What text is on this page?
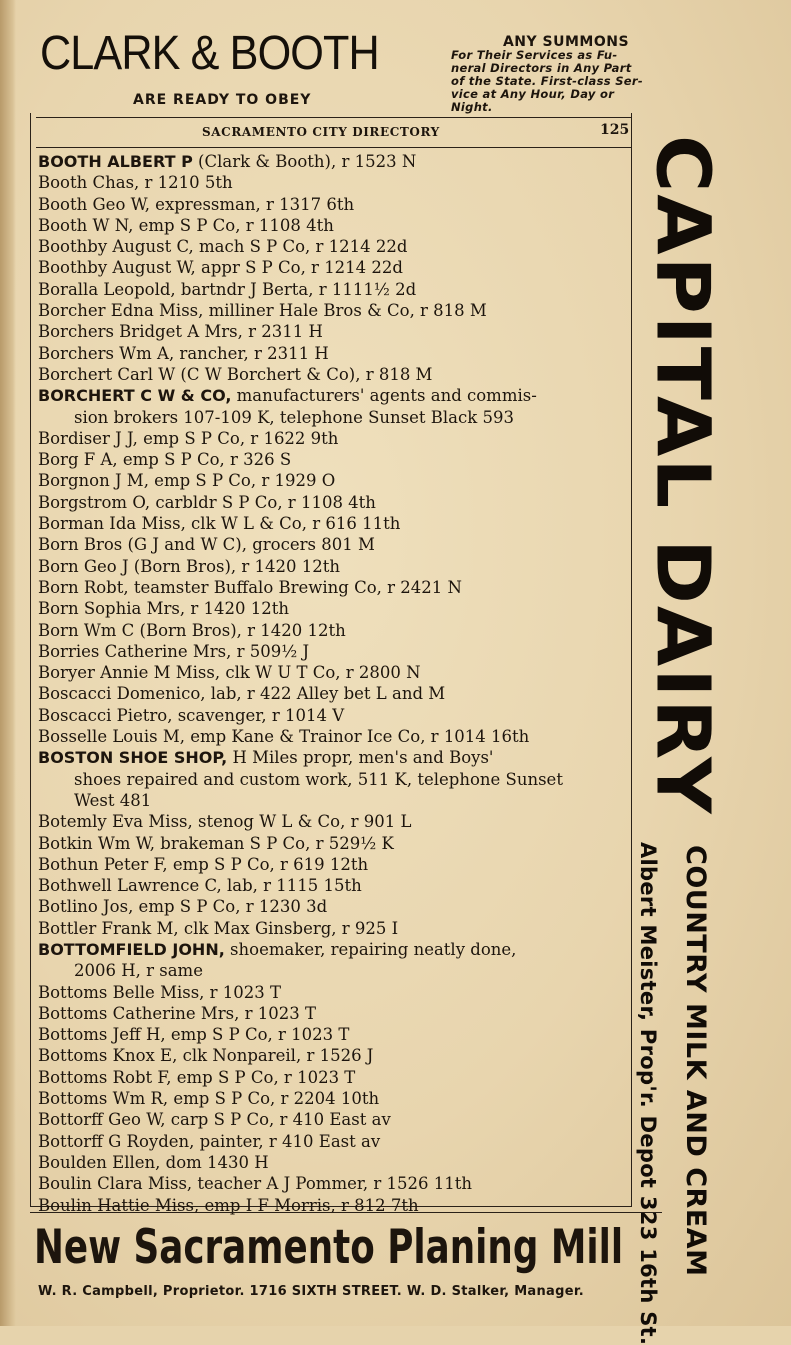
CLARK & BOOTH
ARE READY TO OBEY
ANY SUMMONS
For Their Services as Fu-
neral Directors in Any Part
of the State. First-class Ser-
vice at Any Hour, Day or
Night.
SACRAMENTO CITY DIRECTORY	125
BOOTH ALBERT P (Clark & Booth), r 1523 N
Booth Chas, r 1210 5th
Booth Geo W, expressman, r 1317 6th
Booth W N, emp S P Co, r 1108 4th
Boothby August C, mach S P Co, r 1214 22d
Boothby August W, appr S P Co, r 1214 22d
Boralla Leopold, bartndr J Berta, r 1111½ 2d
Borcher Edna Miss, milliner Hale Bros & Co, r 818 M
Borchers Bridget A Mrs, r 2311 H
Borchers Wm A, rancher, r 2311 H
Borchert Carl W (C W Borchert & Co), r 818 M
BORCHERT C W & CO, manufacturers' agents and commis-
sion brokers 107-109 K, telephone Sunset Black 593
Bordiser J J, emp S P Co, r 1622 9th
Borg F A, emp S P Co, r 326 S
Borgnon J M, emp S P Co, r 1929 O
Borgstrom O, carbldr S P Co, r 1108 4th
Borman Ida Miss, clk W L & Co, r 616 11th
Born Bros (G J and W C), grocers 801 M
Born Geo J (Born Bros), r 1420 12th
Born Robt, teamster Buffalo Brewing Co, r 2421 N
Born Sophia Mrs, r 1420 12th
Born Wm C (Born Bros), r 1420 12th
Borries Catherine Mrs, r 509½ J
Boryer Annie M Miss, clk W U T Co, r 2800 N
Boscacci Domenico, lab, r 422 Alley bet L and M
Boscacci Pietro, scavenger, r 1014 V
Bosselle Louis M, emp Kane & Trainor Ice Co, r 1014 16th
BOSTON SHOE SHOP, H Miles propr, men's and Boys'
shoes repaired and custom work, 511 K, telephone Sunset
West 481
Botemly Eva Miss, stenog W L & Co, r 901 L
Botkin Wm W, brakeman S P Co, r 529½ K
Bothun Peter F, emp S P Co, r 619 12th
Bothwell Lawrence C, lab, r 1115 15th
Botlino Jos, emp S P Co, r 1230 3d
Bottler Frank M, clk Max Ginsberg, r 925 I
BOTTOMFIELD JOHN, shoemaker, repairing neatly done,
2006 H, r same
Bottoms Belle Miss, r 1023 T
Bottoms Catherine Mrs, r 1023 T
Bottoms Jeff H, emp S P Co, r 1023 T
Bottoms Knox E, clk Nonpareil, r 1526 J
Bottoms Robt F, emp S P Co, r 1023 T
Bottoms Wm R, emp S P Co, r 2204 10th
Bottorff Geo W, carp S P Co, r 410 East av
Bottorff G Royden, painter, r 410 East av
Boulden Ellen, dom 1430 H
Boulin Clara Miss, teacher A J Pommer, r 1526 11th
Boulin Hattie Miss, emp I F Morris, r 812 7th
CAPITAL DAIRY
COUNTRY MILK AND CREAM
Albert Meister, Prop'r. Depot 323 16th St.
New Sacramento Planing Mill
W. R. Campbell, Proprietor. 1716 SIXTH STREET. W. D. Stalker, Manager.
